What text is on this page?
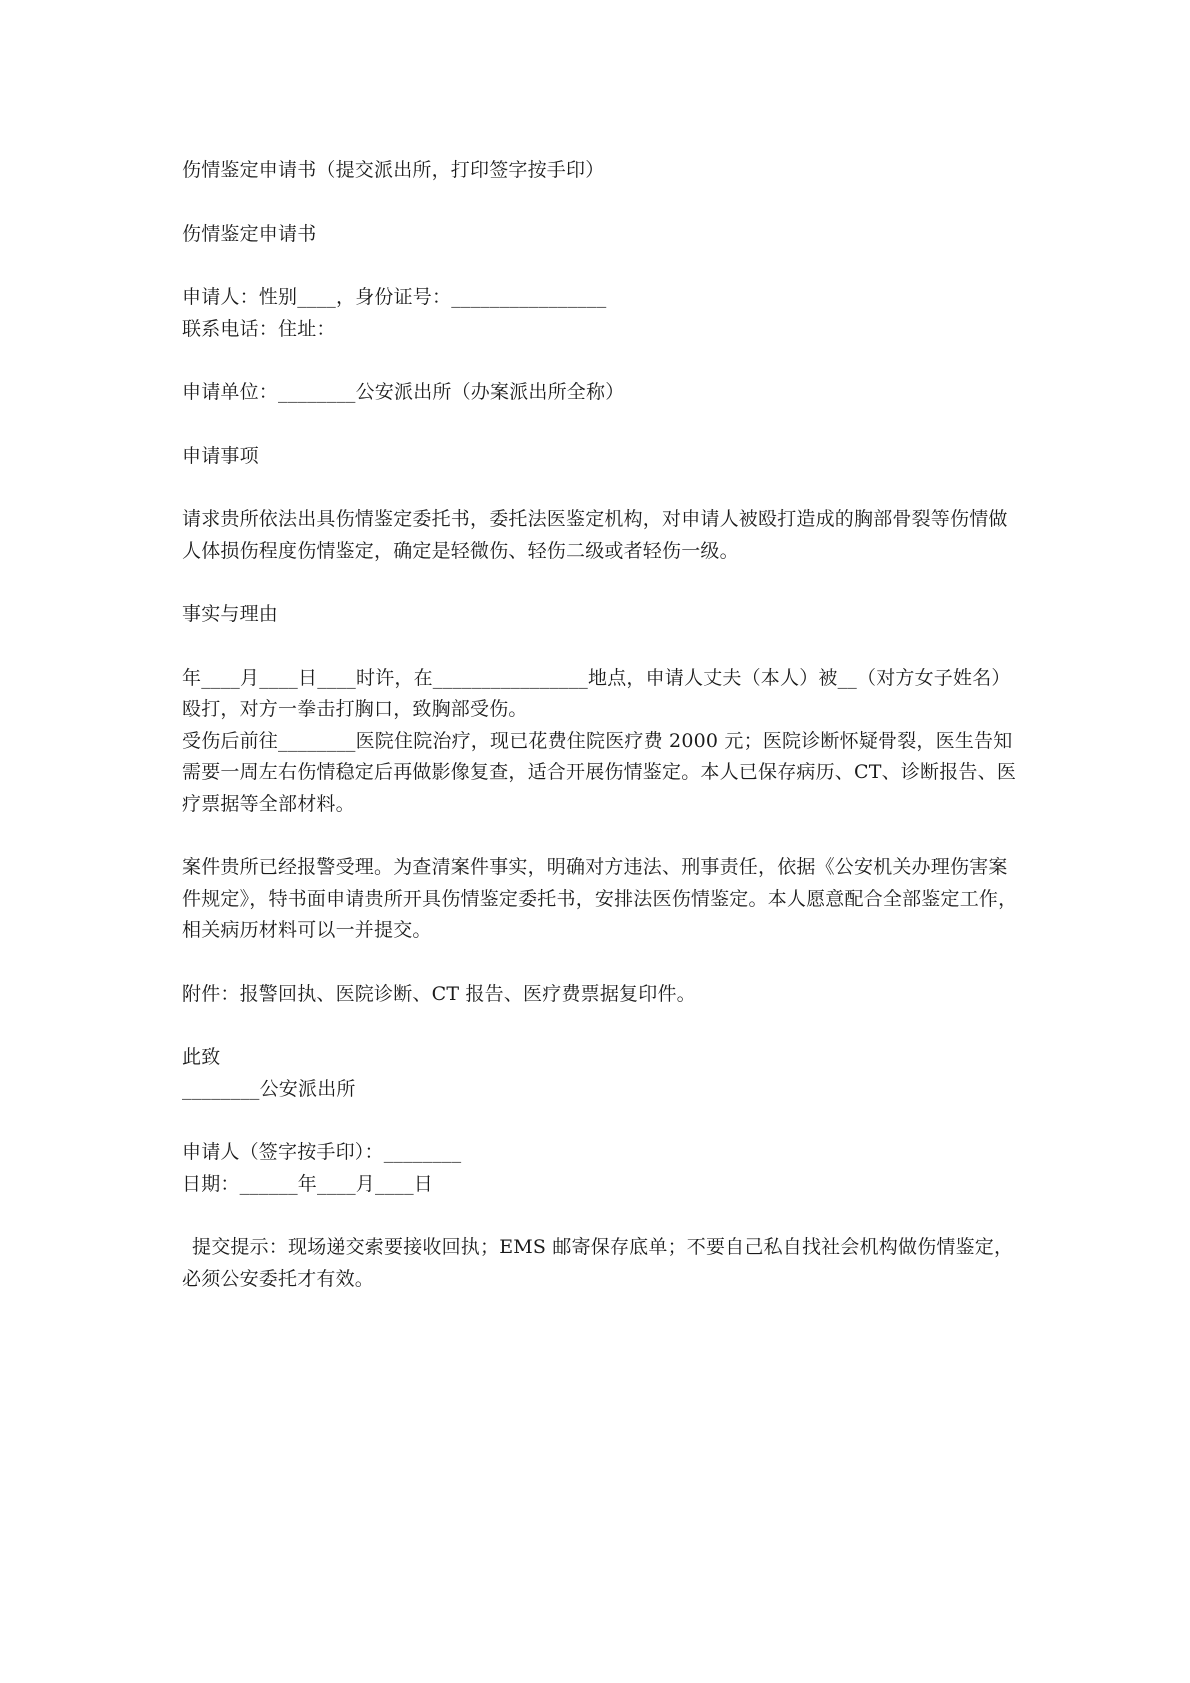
伤情鉴定申请书（提交派出所，打印签字按手印）

伤情鉴定申请书

申请人：性别____，身份证号：________________

联系电话：住址：

申请单位：________公安派出所（办案派出所全称）

申请事项

请求贵所依法出具伤情鉴定委托书，委托法医鉴定机构，对申请人被殴打造成的胸部骨裂等伤情做人体损伤程度伤情鉴定，确定是轻微伤、轻伤二级或者轻伤一级。

事实与理由

年____月____日____时许，在________________地点，申请人丈夫（本人）被__（对方女子姓名）殴打，对方一拳击打胸口，致胸部受伤。

受伤后前往________医院住院治疗，现已花费住院医疗费 2000 元；医院诊断怀疑骨裂，医生告知需要一周左右伤情稳定后再做影像复查，适合开展伤情鉴定。本人已保存病历、CT、诊断报告、医疗票据等全部材料。

案件贵所已经报警受理。为查清案件事实，明确对方违法、刑事责任，依据《公安机关办理伤害案件规定》，特书面申请贵所开具伤情鉴定委托书，安排法医伤情鉴定。本人愿意配合全部鉴定工作，相关病历材料可以一并提交。

附件：报警回执、医院诊断、CT 报告、医疗费票据复印件。

此致

________公安派出所

申请人（签字按手印）：________

日期：______年____月____日

提交提示：现场递交索要接收回执；EMS 邮寄保存底单；不要自己私自找社会机构做伤情鉴定，必须公安委托才有效。
